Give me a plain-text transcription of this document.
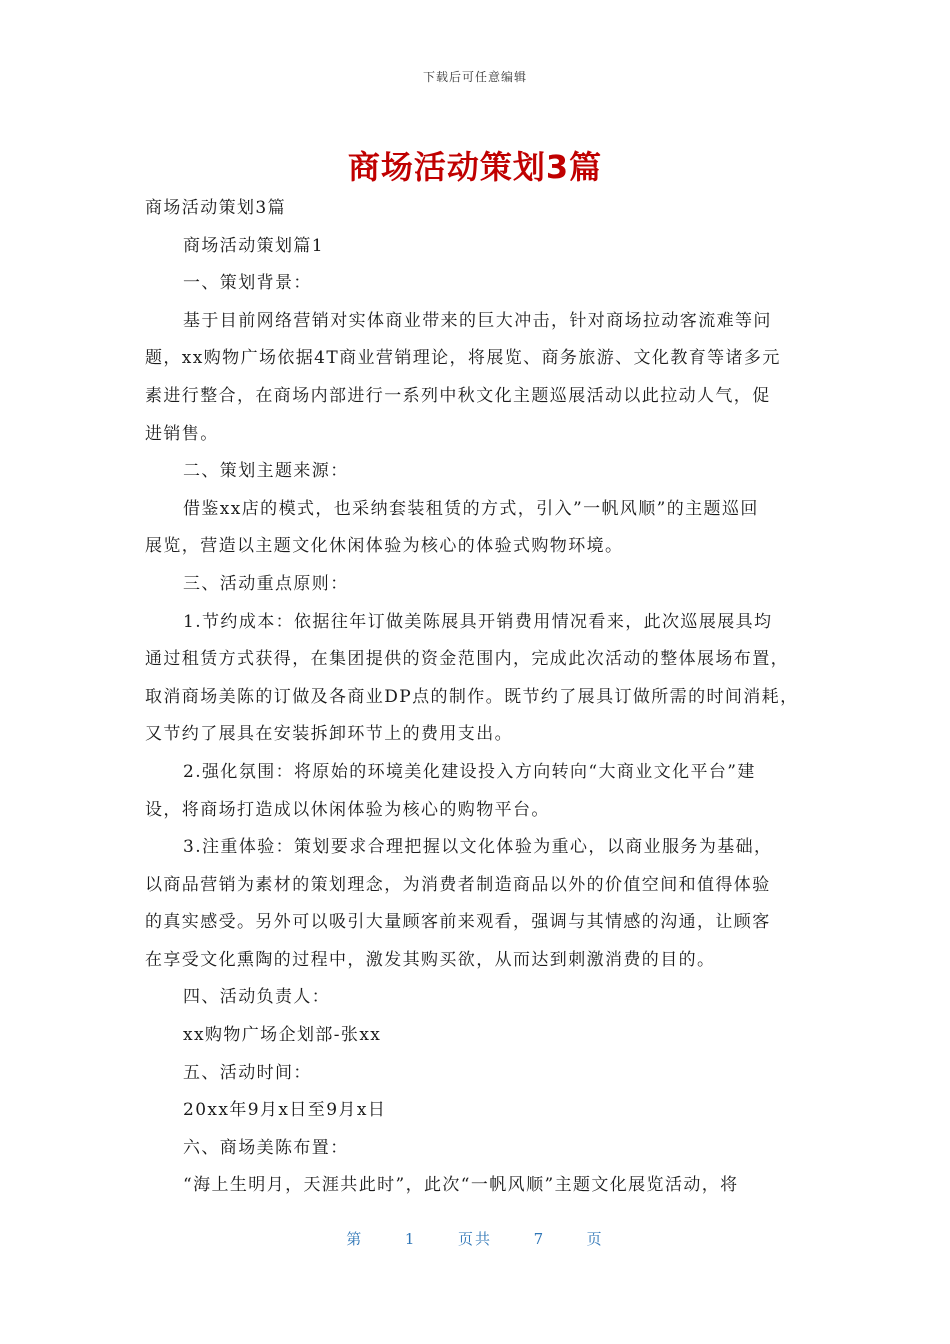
下载后可任意编辑
商场活动策划3篇
商场活动策划3篇
商场活动策划篇1
一、策划背景：
基于目前网络营销对实体商业带来的巨大冲击，针对商场拉动客流难等问
题，xx购物广场依据4T商业营销理论，将展览、商务旅游、文化教育等诸多元
素进行整合，在商场内部进行一系列中秋文化主题巡展活动以此拉动人气，促
进销售。
二、策划主题来源：
借鉴xx店的模式，也采纳套装租赁的方式，引入”一帆风顺”的主题巡回
展览，营造以主题文化休闲体验为核心的体验式购物环境。
三、活动重点原则：
1.节约成本：依据往年订做美陈展具开销费用情况看来，此次巡展展具均
通过租赁方式获得，在集团提供的资金范围内，完成此次活动的整体展场布置，
取消商场美陈的订做及各商业DP点的制作。既节约了展具订做所需的时间消耗，
又节约了展具在安装拆卸环节上的费用支出。
2.强化氛围：将原始的环境美化建设投入方向转向“大商业文化平台”建
设，将商场打造成以休闲体验为核心的购物平台。
3.注重体验：策划要求合理把握以文化体验为重心，以商业服务为基础，
以商品营销为素材的策划理念，为消费者制造商品以外的价值空间和值得体验
的真实感受。另外可以吸引大量顾客前来观看，强调与其情感的沟通，让顾客
在享受文化熏陶的过程中，激发其购买欲，从而达到刺激消费的目的。
四、活动负责人：
xx购物广场企划部-张xx
五、活动时间：
20xx年9月x日至9月x日
六、商场美陈布置：
“海上生明月，天涯共此时”，此次“一帆风顺”主题文化展览活动，将
第	1	页共	7	页
